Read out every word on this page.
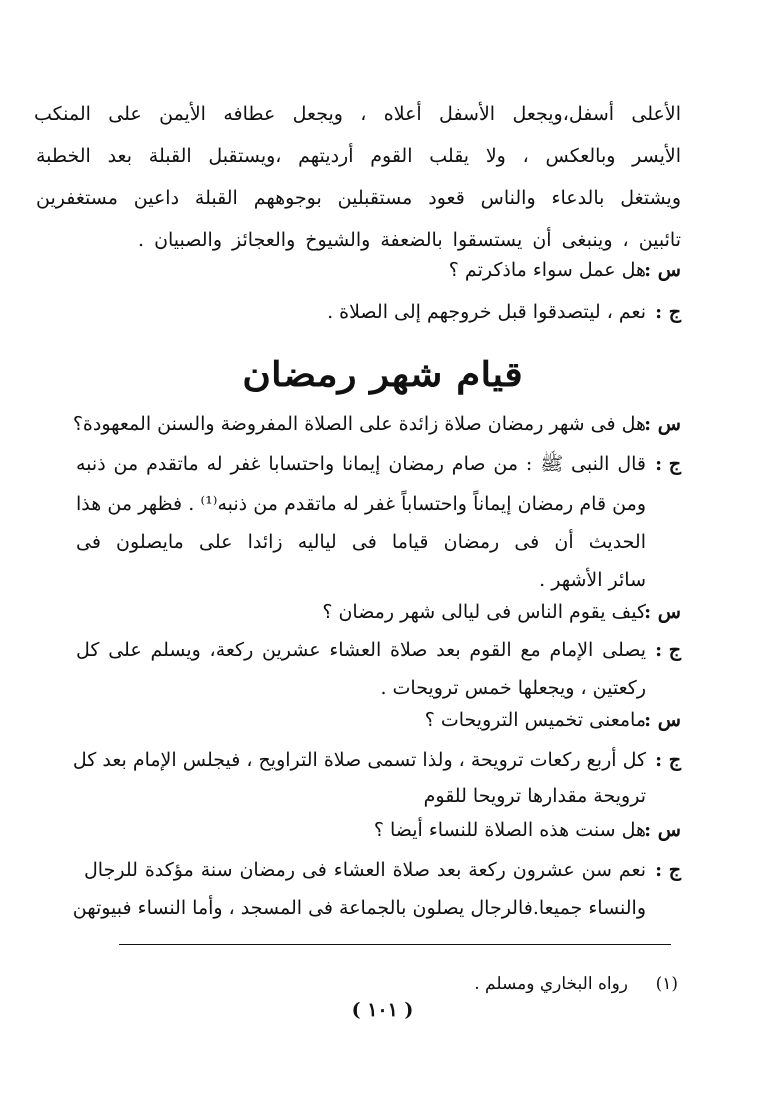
الأعلى أسفل،ويجعل الأسفل أعلاه ، ويجعل عطافه الأيمن على المنكب
الأيسر وبالعكس ، ولا يقلب القوم أرديتهم ،ويستقبل القبلة بعد الخطبة
ويشتغل بالدعاء والناس قعود مستقبلين بوجوههم القبلة داعين مستغفرين
تائبين ، وينبغى أن يستسقوا بالضعفة والشيوخ والعجائز والصبيان .
س :
هل عمل سواء ماذكرتم ؟
ج :
نعم ، ليتصدقوا قبل خروجهم إلى الصلاة .
قيام شهر رمضان
س :
هل فى شهر رمضان صلاة زائدة على الصلاة المفروضة والسنن المعهودة؟
ج :
قال النبى ﷺ : من صام رمضان إيمانا واحتسابا غفر له ماتقدم من ذنبه
ومن قام رمضان إيماناً واحتساباً غفر له ماتقدم من ذنبه⁽¹⁾ . فظهر من هذا
الحديث أن فى رمضان قياما فى لياليه زائدا على مايصلون فى
سائر الأشهر .
س :
كيف يقوم الناس فى ليالى شهر رمضان ؟
ج :
يصلى الإمام مع القوم بعد صلاة العشاء عشرين ركعة، ويسلم على كل
ركعتين ، ويجعلها خمس ترويحات .
س :
مامعنى تخميس الترويحات ؟
ج :
كل أربع ركعات ترويحة ، ولذا تسمى صلاة التراويح ، فيجلس الإمام بعد كل
ترويحة مقدارها ترويحا للقوم
س :
هل سنت هذه الصلاة للنساء أيضا ؟
ج :
نعم سن عشرون ركعة بعد صلاة العشاء فى رمضان سنة مؤكدة للرجال
والنساء جميعا.فالرجال يصلون بالجماعة فى المسجد ، وأما النساء فبيوتهن
(١)
رواه البخاري ومسلم .
( ١٠١ )
